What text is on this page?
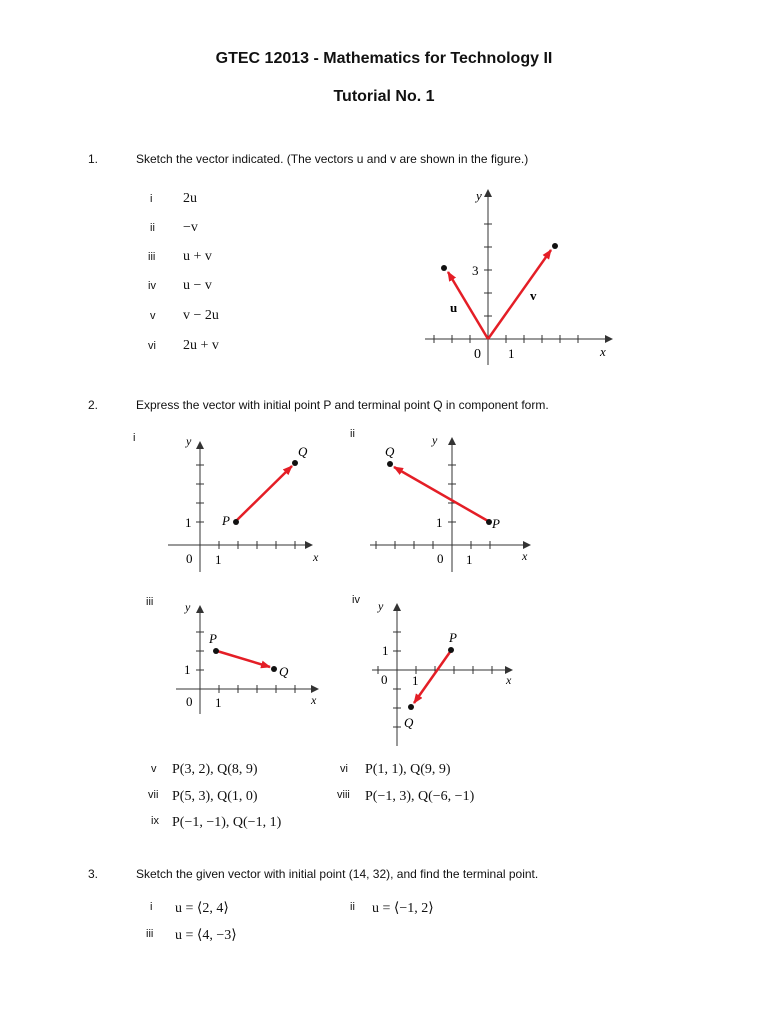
GTEC 12013 - Mathematics for Technology II
Tutorial No. 1
1.	Sketch the vector indicated. (The vectors u and v are shown in the figure.)
i 2u
ii −v
iii u + v
iv u − v
v v − 2u
vi 2u + v
0 1
3
y
x
u
v
2.	Express the vector with initial point P and terminal point Q in component form.
i	ii
iii	iv
0 1
1
y
x
P
Q
0 1
1
y
x
P
Q
0 1
1
y
x
P
Q
0 1
1
y
x
P
Q
v P(3, 2), Q(8, 9)	vi P(1, 1), Q(9, 9)
vii P(5, 3), Q(1, 0)	viii P(−1, 3), Q(−6, −1)
ix P(−1, −1), Q(−1, 1)
3.	Sketch the given vector with initial point (14, 32), and find the terminal point.
i u = ⟨2, 4⟩	ii u = ⟨−1, 2⟩
iii u = ⟨4, −3⟩
